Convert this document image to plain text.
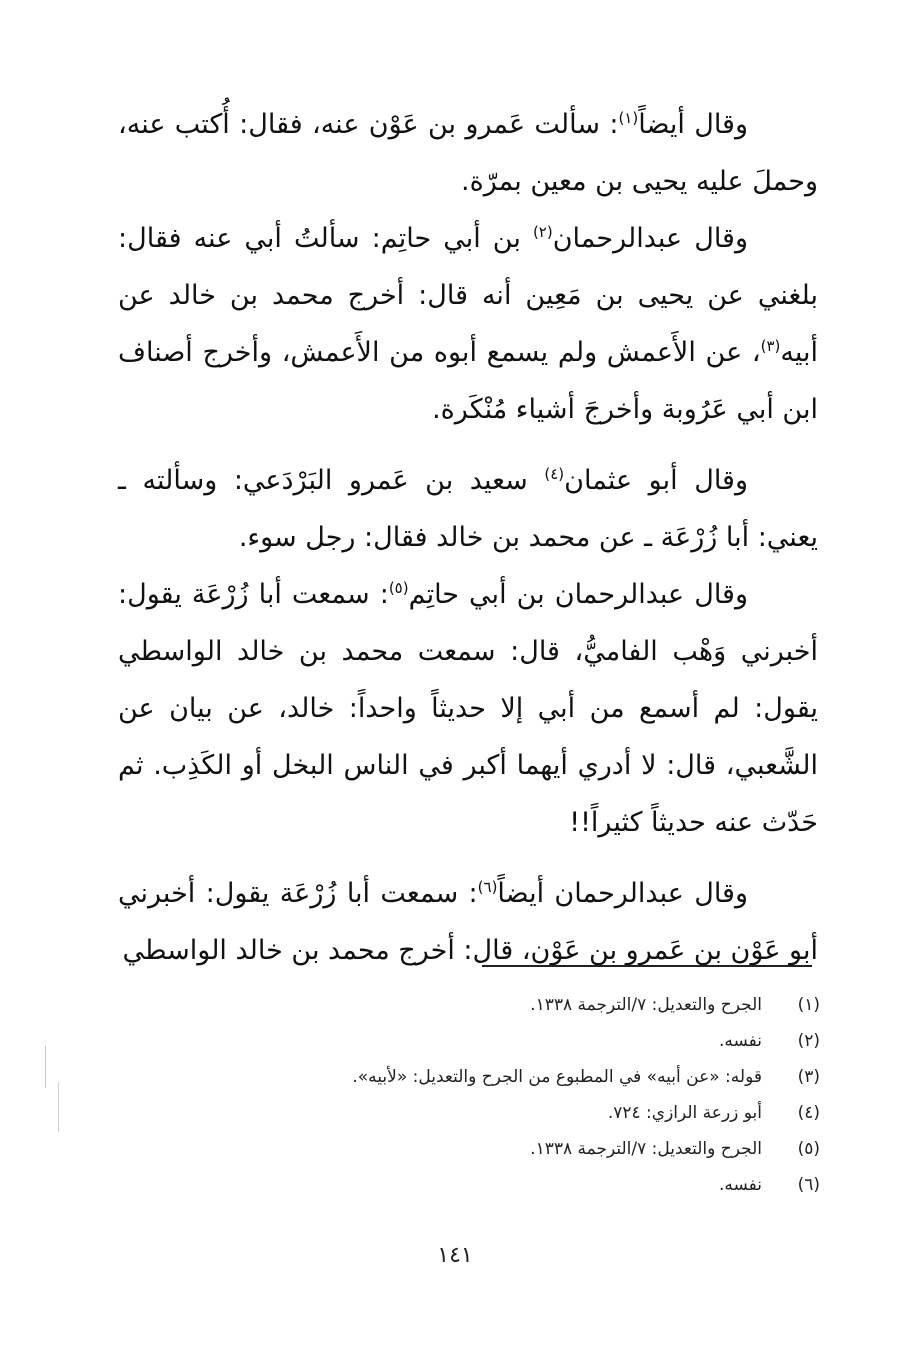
وقال أيضاً$^{(١)}$: سألت عَمرو بن عَوْن عنه، فقال: أُكتب عنه، وحملَ عليه يحيى بن معين بمرّة.

وقال عبدالرحمان$^{(٢)}$ بن أبي حاتِم: سألتُ أبي عنه فقال: بلغني عن يحيى بن مَعِين أنه قال: أخرج محمد بن خالد عن أبيه$^{(٣)}$، عن الأَعمش ولم يسمع أبوه من الأَعمش، وأخرج أصناف ابن أبي عَرُوبة وأخرجَ أشياء مُنْكَرة.

وقال أبو عثمان$^{(٤)}$ سعيد بن عَمرو البَرْدَعي: وسألته ـ يعني: أبا زُرْعَة ـ عن محمد بن خالد فقال: رجل سوء.

وقال عبدالرحمان بن أبي حاتِم$^{(٥)}$: سمعت أبا زُرْعَة يقول: أخبرني وَهْب الفاميُّ، قال: سمعت محمد بن خالد الواسطي يقول: لم أسمع من أبي إلا حديثاً واحداً: خالد، عن بيان عن الشَّعبي، قال: لا أدري أيهما أكبر في الناس البخل أو الكَذِب. ثم حَدّث عنه حديثاً كثيراً!!

وقال عبدالرحمان أيضاً$^{(٦)}$: سمعت أبا زُرْعَة يقول: أخبرني أبو عَوْن بن عَمرو بن عَوْن، قال: أخرج محمد بن خالد الواسطي

(١)
الجرح والتعديل: ٧/الترجمة ١٣٣٨.
(٢)
نفسه.
(٣)
قوله: «عن أبيه» في المطبوع من الجرح والتعديل: «لأبيه».
(٤)
أبو زرعة الرازي: ٧٢٤.
(٥)
الجرح والتعديل: ٧/الترجمة ١٣٣٨.
(٦)
نفسه.
١٤١
